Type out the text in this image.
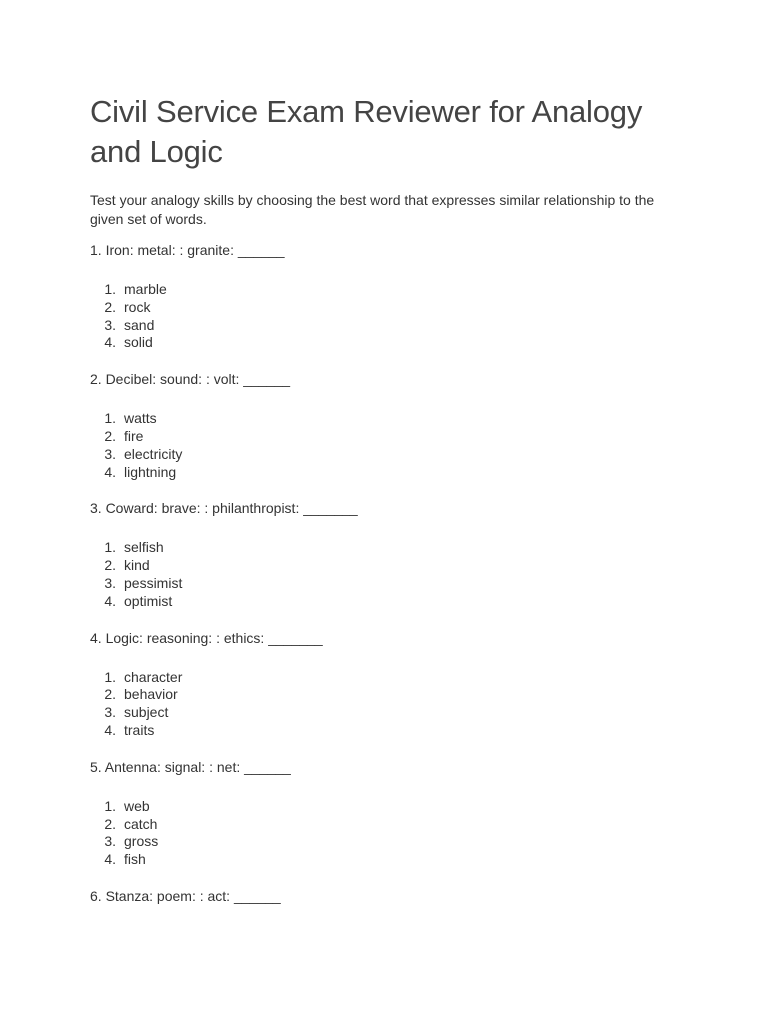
Civil Service Exam Reviewer for Analogy and Logic

Test your analogy skills by choosing the best word that expresses similar relationship to the given set of words.

1. Iron: metal: : granite: ______

1. marble
2. rock
3. sand
4. solid

2. Decibel: sound: : volt: ______

1. watts
2. fire
3. electricity
4. lightning

3. Coward: brave: : philanthropist: _______

1. selfish
2. kind
3. pessimist
4. optimist

4. Logic: reasoning: : ethics: _______

1. character
2. behavior
3. subject
4. traits

5. Antenna: signal: : net: ______

1. web
2. catch
3. gross
4. fish

6. Stanza: poem: : act: ______
